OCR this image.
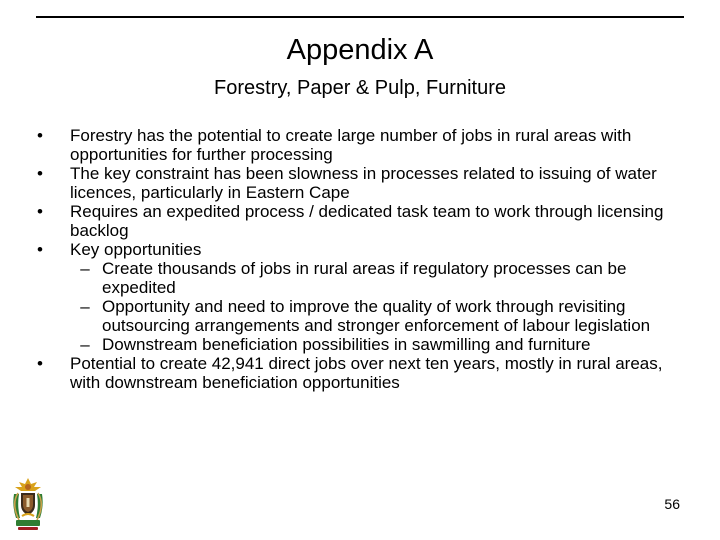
Appendix A
Forestry, Paper & Pulp, Furniture
•	Forestry has the potential to create large number of jobs in rural areas with opportunities for further processing
•	The key constraint has been slowness in processes related to issuing of water licences, particularly in Eastern Cape
•	Requires an expedited process / dedicated task team to work through licensing backlog
•	Key opportunities
– Create thousands of jobs in rural areas if regulatory processes can be expedited
– Opportunity and need to improve the quality of work through revisiting outsourcing arrangements and stronger enforcement of labour legislation
– Downstream beneficiation possibilities in sawmilling and furniture
•	Potential to create 42,941 direct jobs over next ten years, mostly in rural areas, with downstream beneficiation opportunities
56
